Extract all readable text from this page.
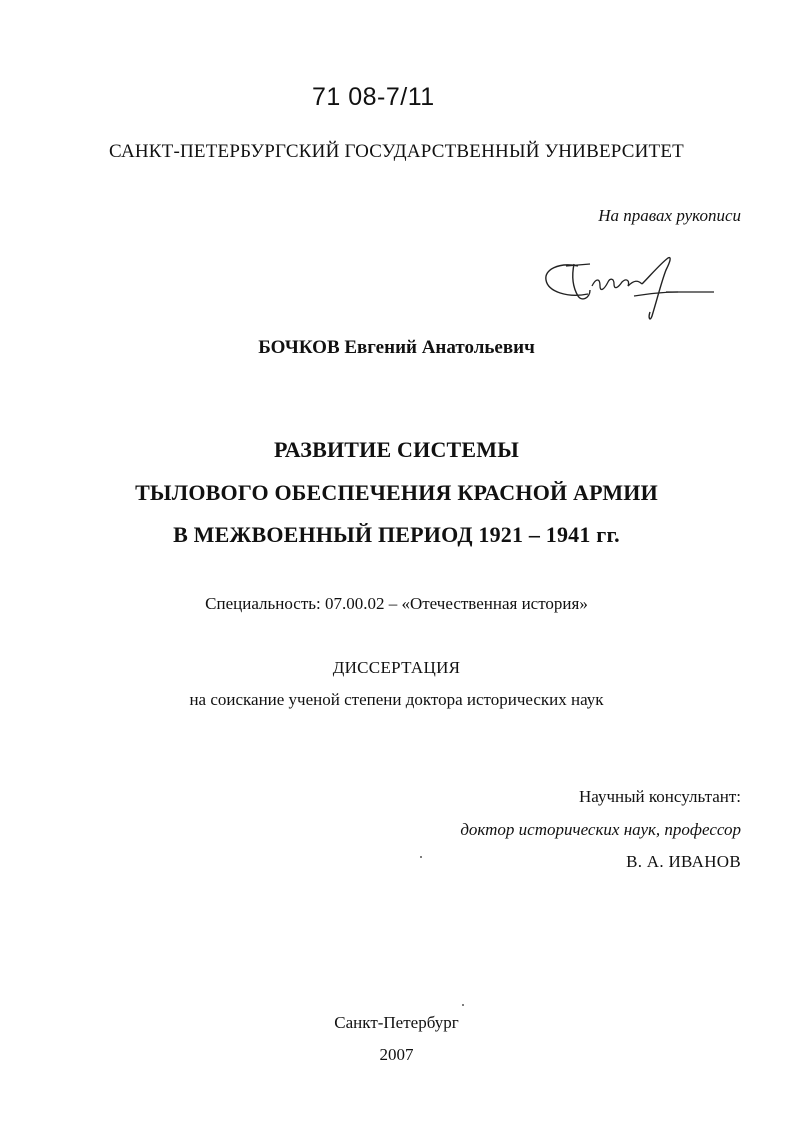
71 08-7/11
САНКТ-ПЕТЕРБУРГСКИЙ ГОСУДАРСТВЕННЫЙ УНИВЕРСИТЕТ
На правах рукописи
БОЧКОВ Евгений Анатольевич
РАЗВИТИЕ СИСТЕМЫ
ТЫЛОВОГО ОБЕСПЕЧЕНИЯ КРАСНОЙ АРМИИ
В МЕЖВОЕННЫЙ ПЕРИОД 1921 – 1941 гг.
Специальность: 07.00.02 – «Отечественная история»
ДИССЕРТАЦИЯ
на соискание ученой степени доктора исторических наук
Научный консультант:
доктор исторических наук, профессор
В. А. ИВАНОВ
Санкт-Петербург
2007
